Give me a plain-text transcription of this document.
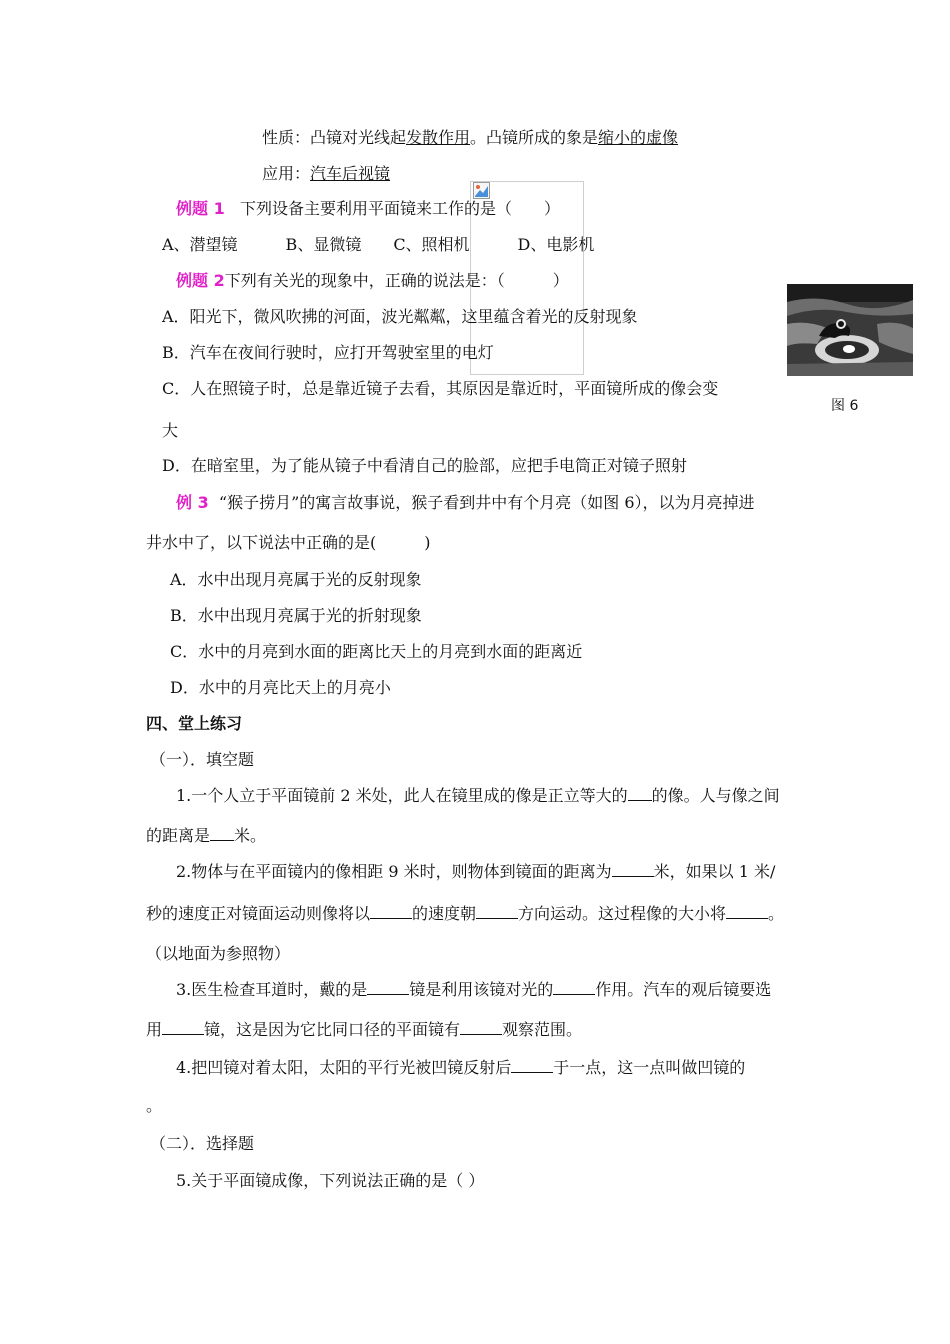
性质：凸镜对光线起发散作用。凸镜所成的象是缩小的虚像
应用：汽车后视镜
例题 1 下列设备主要利用平面镜来工作的是（　　）
A、潜望镜　　　B、显微镜　　C、照相机　　　D、电影机
例题 2下列有关光的现象中，正确的说法是：（　　　）
A．阳光下，微风吹拂的河面，波光粼粼，这里蕴含着光的反射现象
B．汽车在夜间行驶时，应打开驾驶室里的电灯
C．人在照镜子时，总是靠近镜子去看，其原因是靠近时，平面镜所成的像会变
大
D．在暗室里，为了能从镜子中看清自己的脸部，应把手电筒正对镜子照射
图 6
例 3 “猴子捞月”的寓言故事说，猴子看到井中有个月亮（如图 6），以为月亮掉进
井水中了，以下说法中正确的是(　　　)
A．水中出现月亮属于光的反射现象
B．水中出现月亮属于光的折射现象
C．水中的月亮到水面的距离比天上的月亮到水面的距离近
D．水中的月亮比天上的月亮小
四、堂上练习
（一）．填空题
1.一个人立于平面镜前 2 米处，此人在镜里成的像是正立等大的 的像。人与像之间
的距离是 米。
2.物体与在平面镜内的像相距 9 米时，则物体到镜面的距离为	米，如果以 1 米/
秒的速度正对镜面运动则像将以	的速度朝	方向运动。这过程像的大小将	。
（以地面为参照物）
3.医生检查耳道时，戴的是	镜是利用该镜对光的	作用。汽车的观后镜要选
用	镜，这是因为它比同口径的平面镜有	观察范围。
4.把凹镜对着太阳，太阳的平行光被凹镜反射后	于一点，这一点叫做凹镜的
。
（二）．选择题
5.关于平面镜成像，下列说法正确的是（ ）
